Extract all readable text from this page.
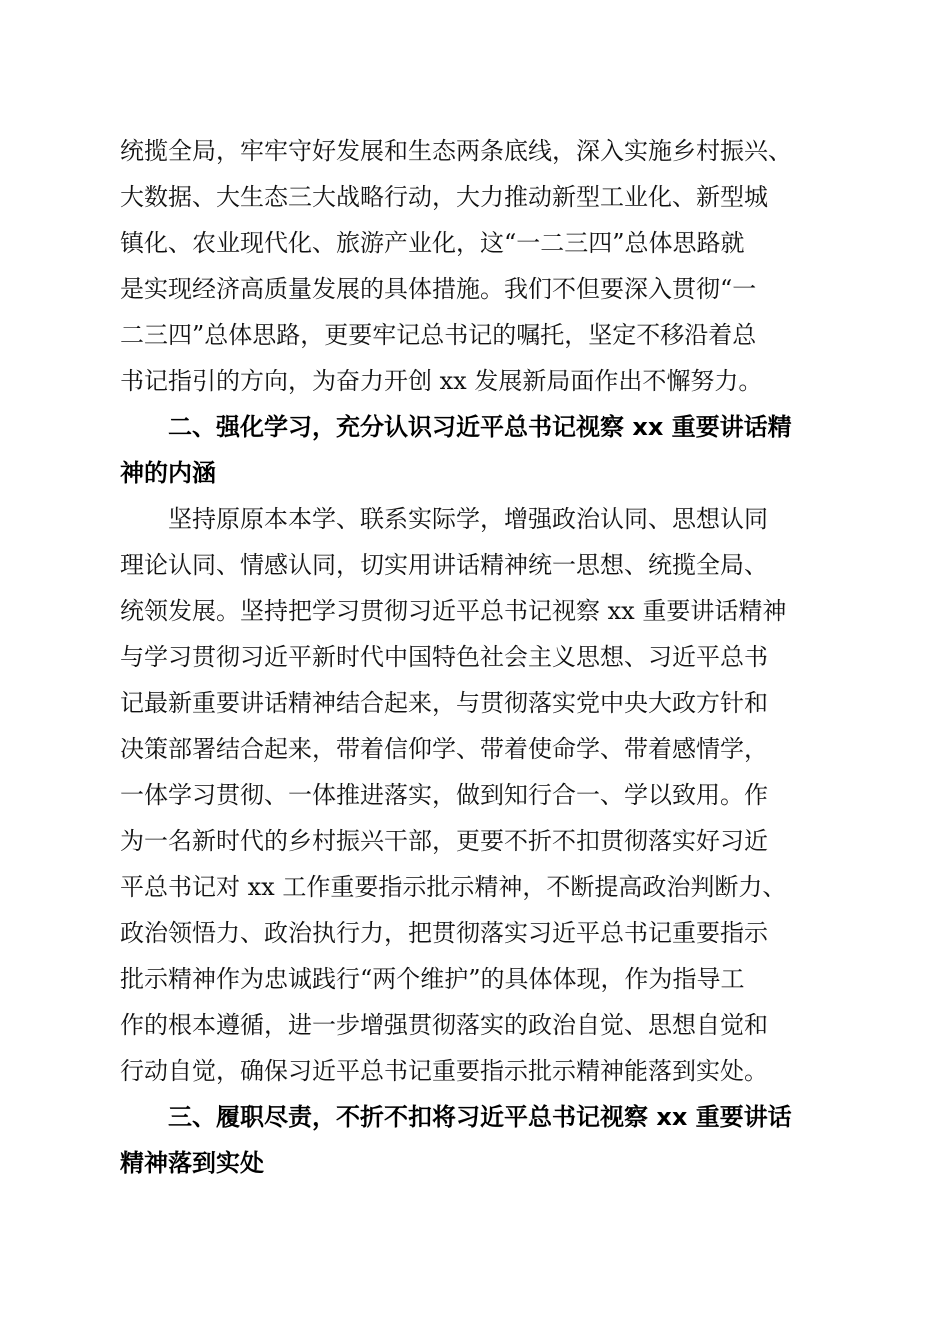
统揽全局，牢牢守好发展和生态两条底线，深入实施乡村振兴、
大数据、大生态三大战略行动，大力推动新型工业化、新型城
镇化、农业现代化、旅游产业化，这“一二三四”总体思路就
是实现经济高质量发展的具体措施。我们不但要深入贯彻“一
二三四”总体思路，更要牢记总书记的嘱托，坚定不移沿着总
书记指引的方向，为奋力开创 xx 发展新局面作出不懈努力。
二、强化学习，充分认识习近平总书记视察 xx 重要讲话精
神的内涵
坚持原原本本学、联系实际学，增强政治认同、思想认同
理论认同、情感认同，切实用讲话精神统一思想、统揽全局、
统领发展。坚持把学习贯彻习近平总书记视察 xx 重要讲话精神
与学习贯彻习近平新时代中国特色社会主义思想、习近平总书
记最新重要讲话精神结合起来，与贯彻落实党中央大政方针和
决策部署结合起来，带着信仰学、带着使命学、带着感情学，
一体学习贯彻、一体推进落实，做到知行合一、学以致用。作
为一名新时代的乡村振兴干部，更要不折不扣贯彻落实好习近
平总书记对 xx 工作重要指示批示精神，不断提高政治判断力、
政治领悟力、政治执行力，把贯彻落实习近平总书记重要指示
批示精神作为忠诚践行“两个维护”的具体体现，作为指导工
作的根本遵循，进一步增强贯彻落实的政治自觉、思想自觉和
行动自觉，确保习近平总书记重要指示批示精神能落到实处。
三、履职尽责，不折不扣将习近平总书记视察 xx 重要讲话
精神落到实处
